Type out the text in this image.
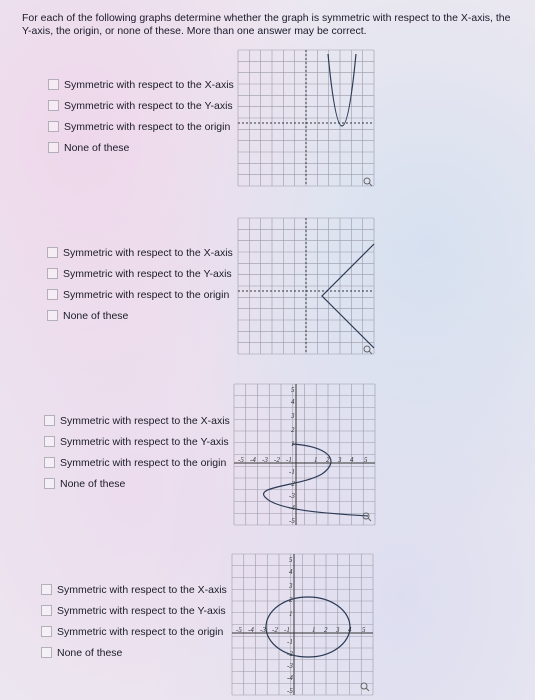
For each of the following graphs determine whether the graph is symmetric with respect to the X-axis, the Y-axis, the origin, or none of these. More than one answer may be correct.
Symmetric with respect to the X-axis
Symmetric with respect to the Y-axis
Symmetric with respect to the origin
None of these
Symmetric with respect to the X-axis
Symmetric with respect to the Y-axis
Symmetric with respect to the origin
None of these
Symmetric with respect to the X-axis
Symmetric with respect to the Y-axis
Symmetric with respect to the origin
None of these
-5 -4 -3 -2 -1	1 2 3 4 5
5
4
3
2
1
-1
-2
-3
-4
-5
Symmetric with respect to the X-axis
Symmetric with respect to the Y-axis
Symmetric with respect to the origin
None of these
-5 -4 -3 -2 -1	1 2 3 4 5
5
4
3
2
1
-1
-2
-3
-4
-5
